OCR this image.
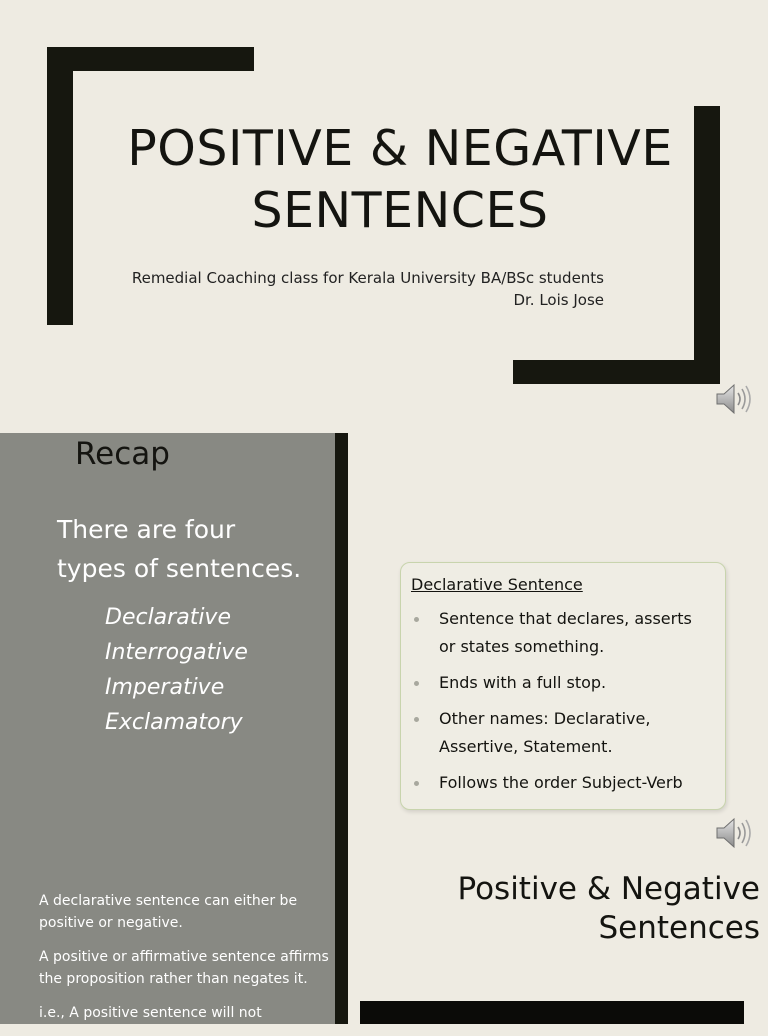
POSITIVE & NEGATIVE
SENTENCES
Remedial Coaching class for Kerala University BA/BSc students
Dr. Lois Jose
Recap
There are four
types of sentences.
Declarative
Interrogative
Imperative
Exclamatory
Declarative Sentence
Sentence that declares, asserts or states something.
Ends with a full stop.
Other names: Declarative, Assertive, Statement.
Follows the order Subject-Verb

A declarative sentence can either be positive or negative.

A positive or affirmative sentence affirms the proposition rather than negates it.

i.e., A positive sentence will not

Positive & Negative
Sentences
